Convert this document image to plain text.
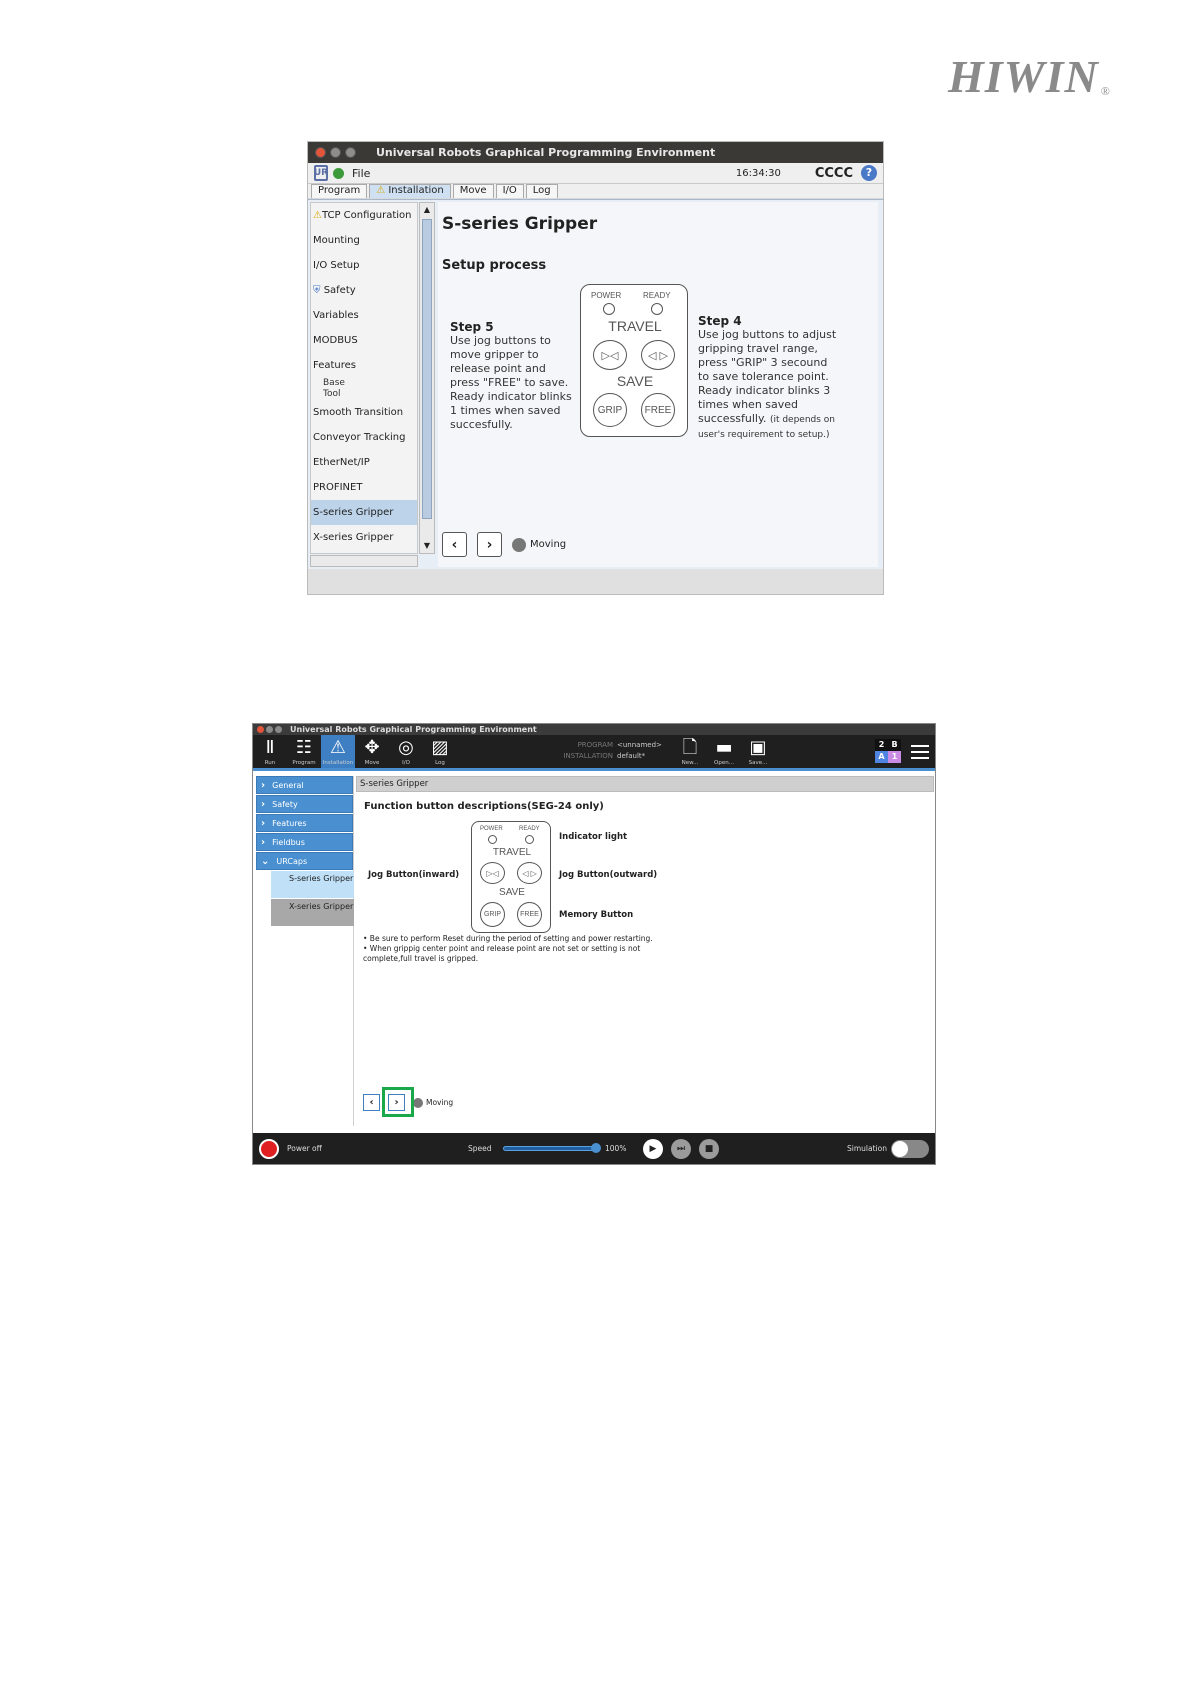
HIWIN ®
Universal Robots Graphical Programming Environment
UR File	16:34:30	CCCC	?
Program	⚠ Installation	Move	I/O	Log
⚠TCP Configuration
Mounting
I/O Setup
⛨ Safety
Variables
MODBUS
Features
Base
Tool
Smooth Transition
Conveyor Tracking
EtherNet/IP
PROFINET
S-series Gripper
X-series Gripper
▲
▼
S-series Gripper
Setup process
Step 5
Use jog buttons to move gripper to release point and press "FREE" to save. Ready indicator blinks 1 times when saved succesfully.
POWER	READY
TRAVEL
▷◁	◁ ▷
SAVE
GRIP	FREE
Step 4
Use jog buttons to adjust gripping travel range, press "GRIP" 3 secound to save tolerance point. Ready indicator blinks 3 times when saved successfully. (it depends on user's requirement to setup.)
‹	›	Moving
Universal Robots Graphical Programming Environment
Ⅱ
Run
☷
Program
⚠
Installation
✥
Move
◎
I/O
▨
Log
PROGRAM <unnamed>
INSTALLATION default*	🗋
New...
▬
Open...
▣
Save...
2 B
A 1
› General
› Safety
› Features
› Fieldbus
⌄ URCaps
S-series Gripper
X-series Gripper
S-series Gripper
Function button descriptions(SEG-24 only)
POWER	READY
TRAVEL
▷◁	◁ ▷
SAVE
GRIP	FREE
Indicator light
Jog Button(inward)	Jog Button(outward)
Memory Button
• Be sure to perform Reset during the period of setting and power restarting.
• When grippig center point and release point are not set or setting is not complete,full travel is gripped.
‹	›	Moving
Power off	Speed	100%	▶	⏭	■	Simulation
